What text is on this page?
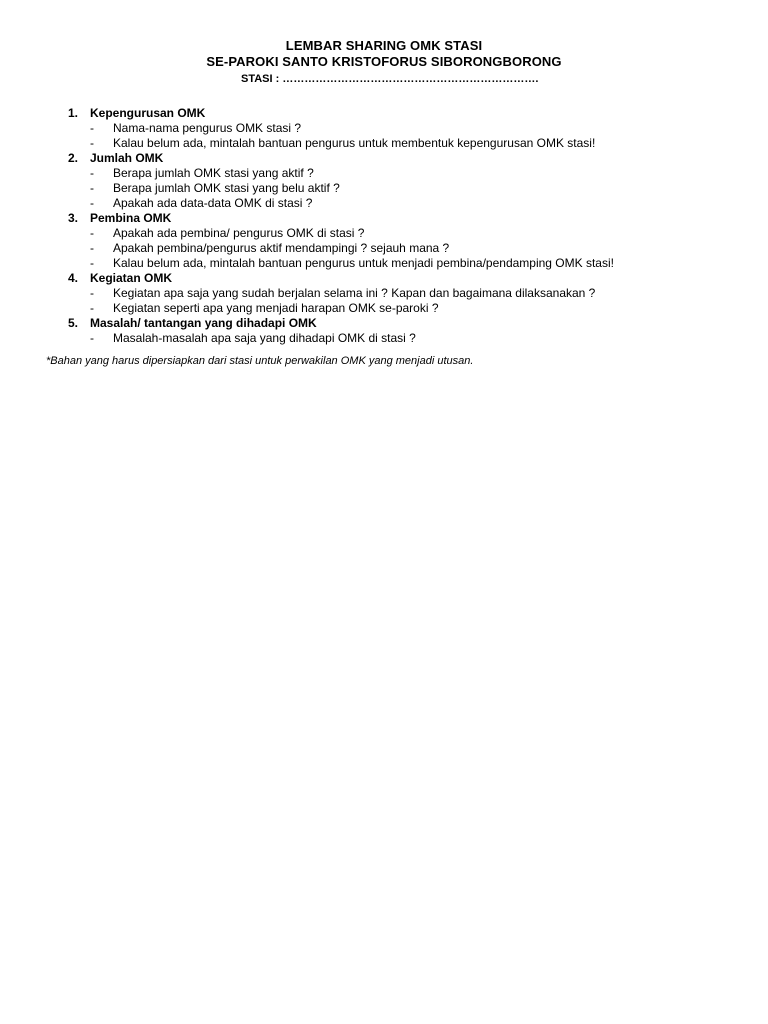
LEMBAR SHARING OMK STASI
SE-PAROKI SANTO KRISTOFORUS SIBORONGBORONG
STASI : …………………………………………………………….
1. Kepengurusan OMK
-	Nama-nama pengurus OMK stasi ?
-	Kalau belum ada, mintalah bantuan pengurus untuk membentuk kepengurusan OMK stasi!
2. Jumlah OMK
-	Berapa jumlah OMK stasi yang aktif ?
-	Berapa jumlah OMK stasi yang belu aktif ?
-	Apakah ada data-data OMK di stasi ?
3. Pembina OMK
-	Apakah ada pembina/ pengurus OMK di stasi ?
-	Apakah pembina/pengurus aktif mendampingi ? sejauh mana ?
-	Kalau belum ada, mintalah bantuan pengurus untuk menjadi pembina/pendamping OMK stasi!
4. Kegiatan OMK
-	Kegiatan apa saja yang sudah berjalan selama ini ? Kapan dan bagaimana dilaksanakan ?
-	Kegiatan seperti apa yang menjadi harapan OMK se-paroki ?
5. Masalah/ tantangan yang dihadapi OMK
-	Masalah-masalah apa saja yang dihadapi OMK di stasi ?
*Bahan yang harus dipersiapkan dari stasi untuk perwakilan OMK yang menjadi utusan.
